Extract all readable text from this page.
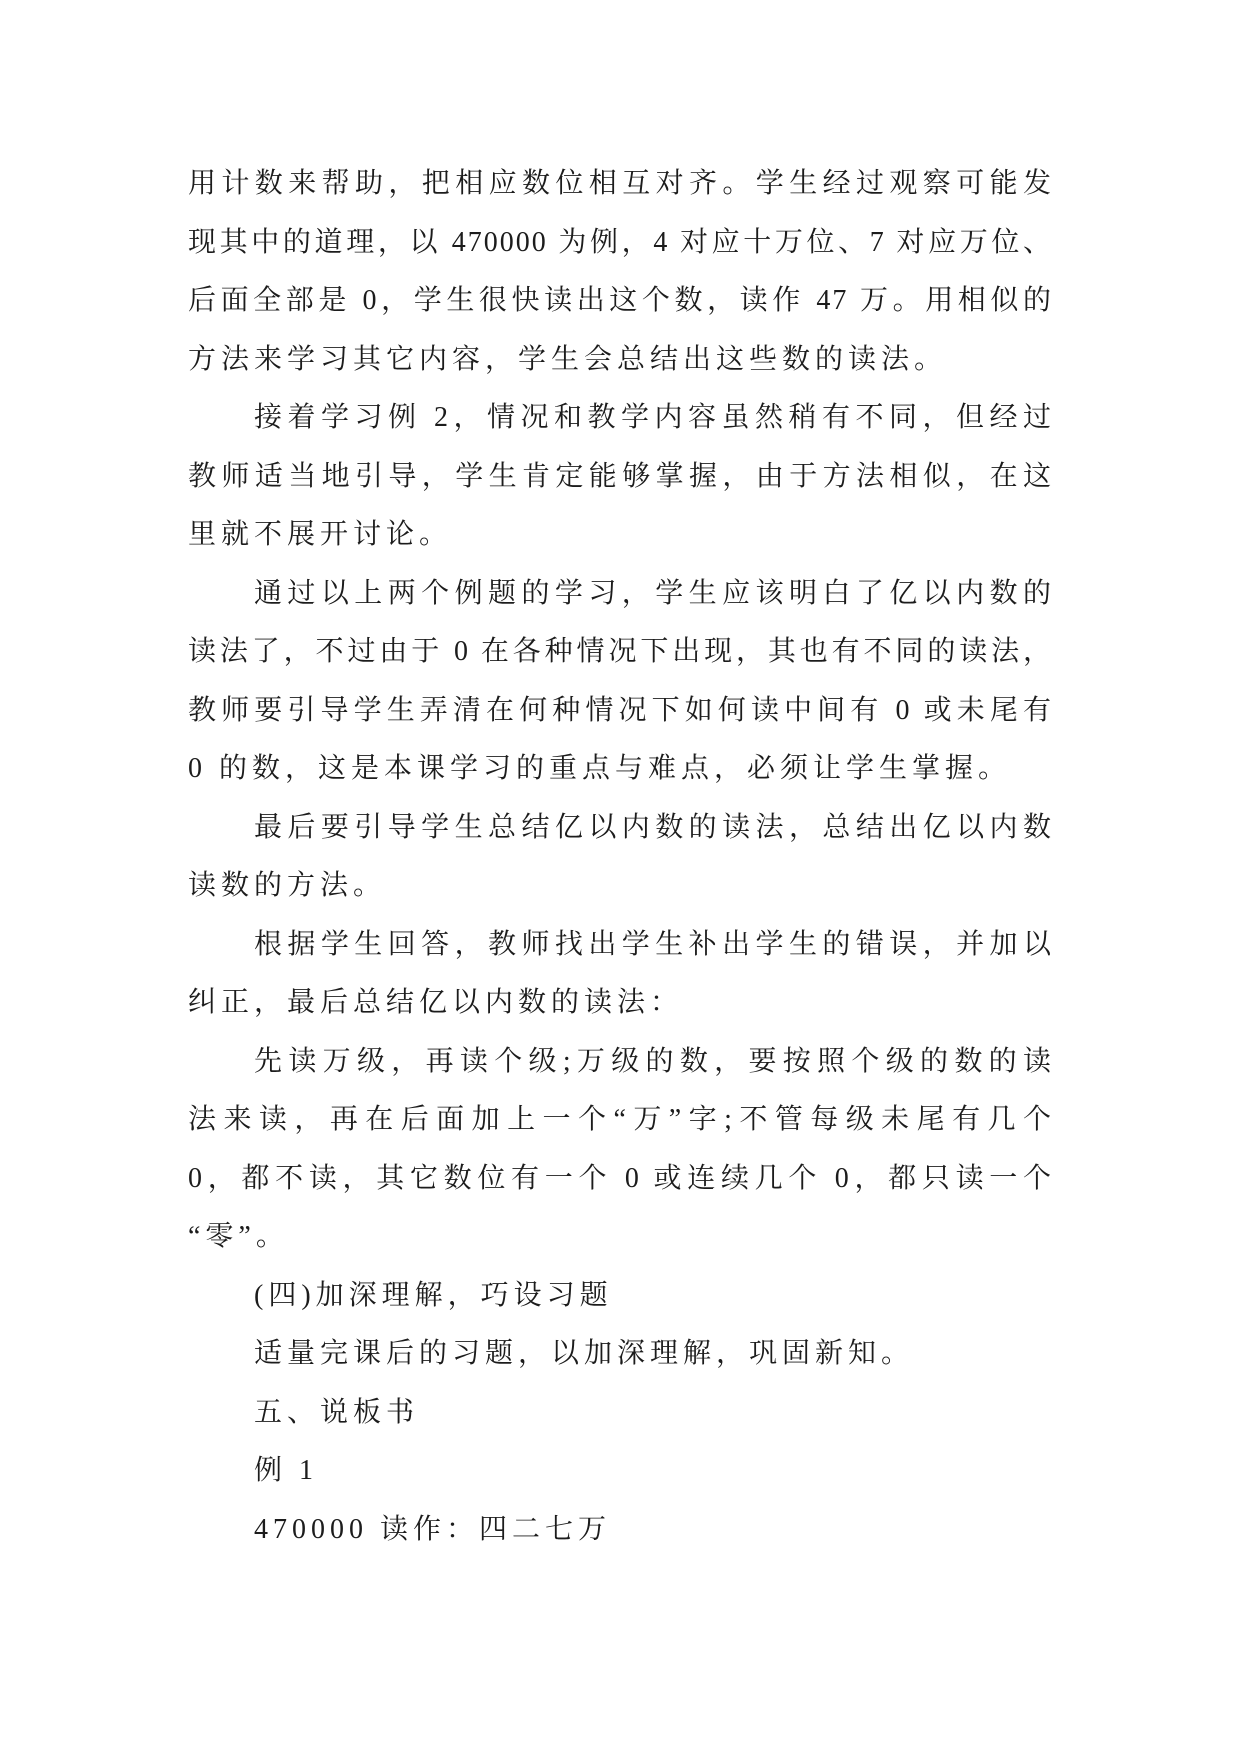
用计数来帮助，把相应数位相互对齐。学生经过观察可能发
现其中的道理，以 470000 为例，4 对应十万位、7 对应万位、
后面全部是 0，学生很快读出这个数，读作 47 万。用相似的
方法来学习其它内容，学生会总结出这些数的读法。
接着学习例 2，情况和教学内容虽然稍有不同，但经过
教师适当地引导，学生肯定能够掌握，由于方法相似，在这
里就不展开讨论。
通过以上两个例题的学习，学生应该明白了亿以内数的
读法了，不过由于 0 在各种情况下出现，其也有不同的读法，
教师要引导学生弄清在何种情况下如何读中间有 0 或未尾有
0 的数，这是本课学习的重点与难点，必须让学生掌握。
最后要引导学生总结亿以内数的读法，总结出亿以内数
读数的方法。
根据学生回答，教师找出学生补出学生的错误，并加以
纠正，最后总结亿以内数的读法：
先读万级，再读个级;万级的数，要按照个级的数的读
法来读，再在后面加上一个“万”字;不管每级未尾有几个
0，都不读，其它数位有一个 0 或连续几个 0，都只读一个
“零”。
(四)加深理解，巧设习题
适量完课后的习题，以加深理解，巩固新知。
五、说板书
例 1
470000 读作：四二七万
